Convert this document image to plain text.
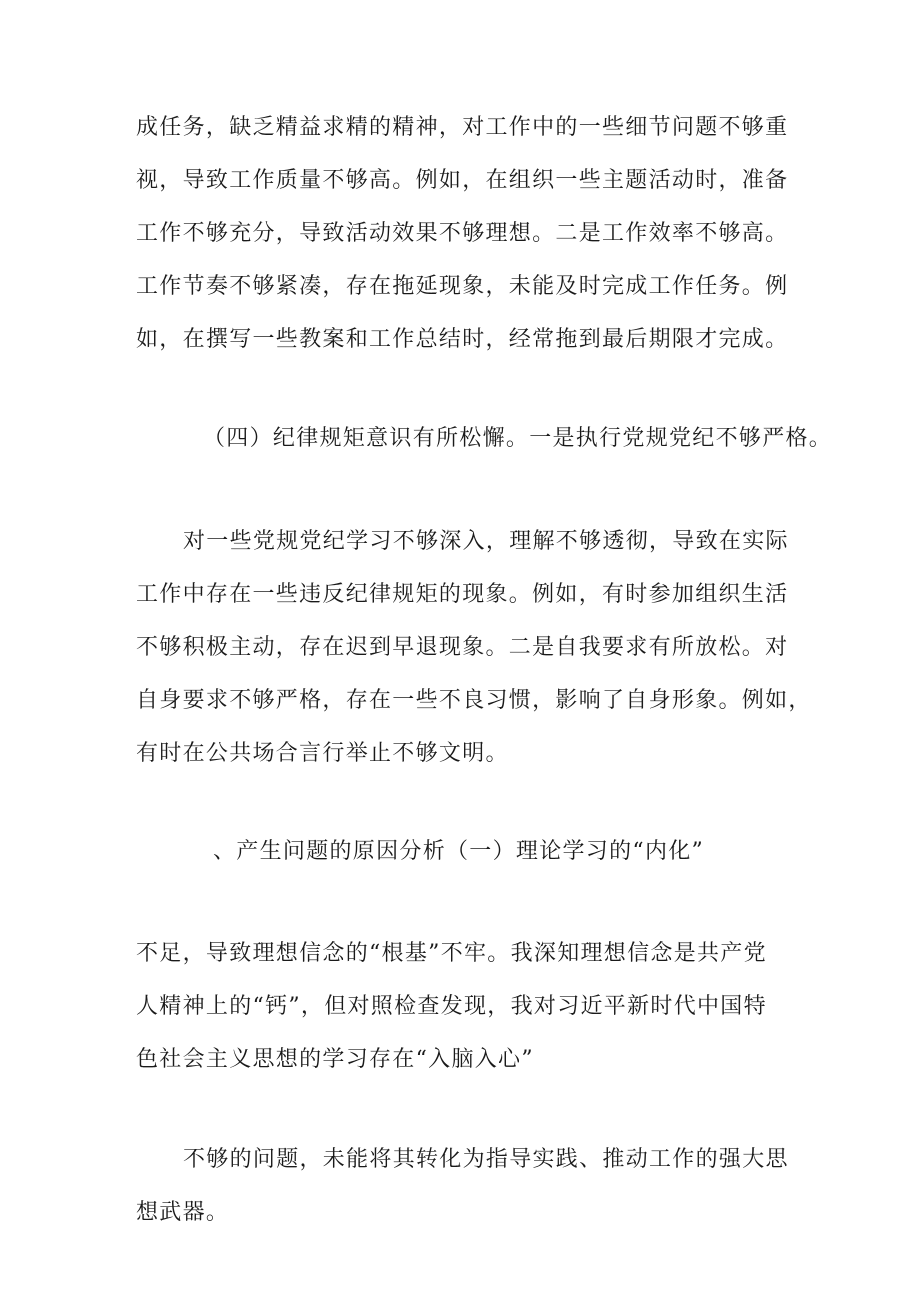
成任务，缺乏精益求精的精神，对工作中的一些细节问题不够重
视，导致工作质量不够高。例如，在组织一些主题活动时，准备
工作不够充分，导致活动效果不够理想。二是工作效率不够高。
工作节奏不够紧凑，存在拖延现象，未能及时完成工作任务。例
如，在撰写一些教案和工作总结时，经常拖到最后期限才完成。
（四）纪律规矩意识有所松懈。一是执行党规党纪不够严格。
对一些党规党纪学习不够深入，理解不够透彻，导致在实际
工作中存在一些违反纪律规矩的现象。例如，有时参加组织生活
不够积极主动，存在迟到早退现象。二是自我要求有所放松。对
自身要求不够严格，存在一些不良习惯，影响了自身形象。例如，
有时在公共场合言行举止不够文明。
、产生问题的原因分析（一）理论学习的“内化”
不足，导致理想信念的“根基”不牢。我深知理想信念是共产党
人精神上的“钙”，但对照检查发现，我对习近平新时代中国特
色社会主义思想的学习存在“入脑入心”
不够的问题，未能将其转化为指导实践、推动工作的强大思
想武器。
